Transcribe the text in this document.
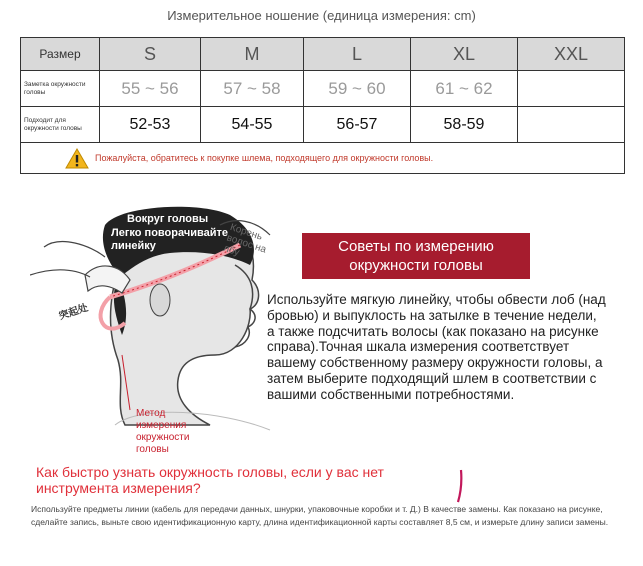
Измерительное ношение (единица измерения: cm)
Размер	S	M	L	XL	XXL
Заметка окружности головы	55 ~ 56	57 ~ 58	59 ~ 60	61 ~ 62	
Подходит для окружности головы	52-53	54-55	56-57	58-59	

Пожалуйста, обратитесь к покупке шлема, подходящего для окружности головы.					
Вокруг головы
Легко поворачивайте линейку
Корень волос на лбу
突起处
Метод измерения окружности головы
Советы по измерению окружности головы
Используйте мягкую линейку, чтобы обвести лоб (над бровью) и выпуклость на затылке в течение недели, а также подсчитать волосы (как показано на рисунке справа).Точная шкала измерения соответствует вашему собственному размеру окружности головы, а затем выберите подходящий шлем в соответствии с вашими собственными потребностями.
Как быстро узнать окружность головы, если у вас нет инструмента измерения?
Используйте предметы линии (кабель для передачи данных, шнурки, упаковочные коробки и т. Д.) В качестве замены. Как показано на рисунке, сделайте запись, выньте свою идентификационную карту, длина идентификационной карты составляет 8,5 см, и измерьте длину записи замены.
